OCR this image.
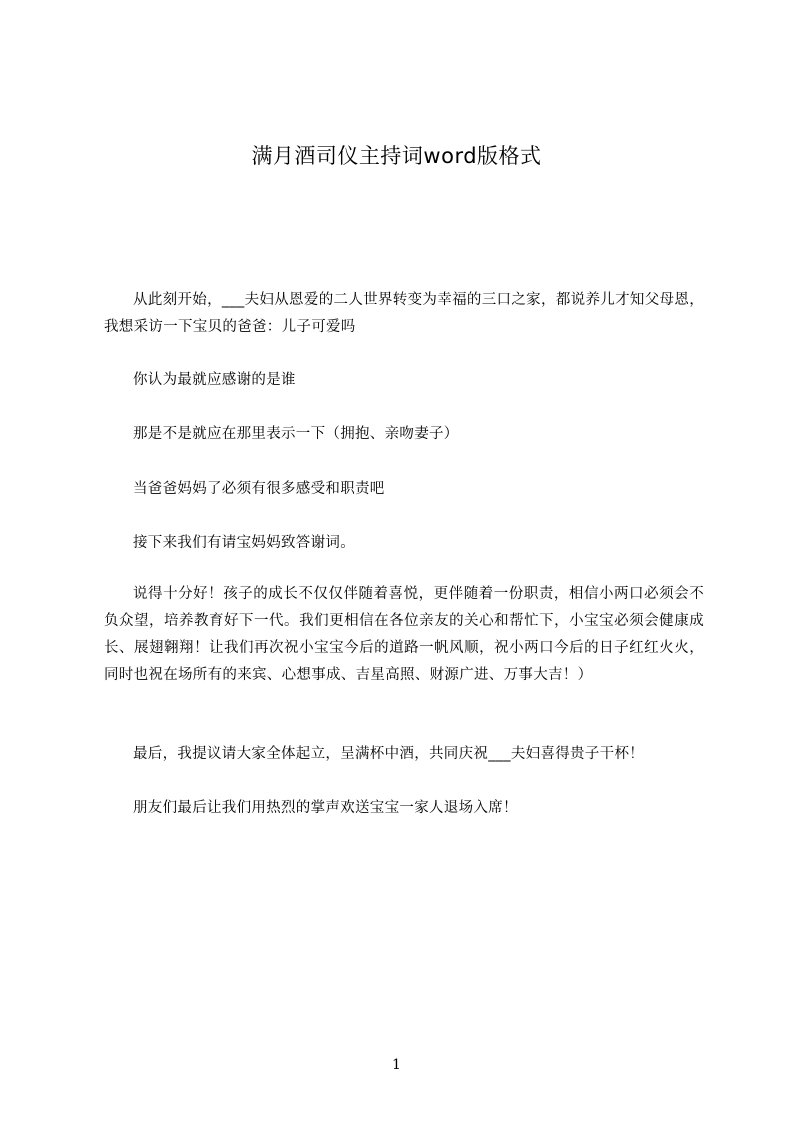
满月酒司仪主持词word版格式

从此刻开始，___夫妇从恩爱的二人世界转变为幸福的三口之家，都说养儿才知父母恩，我想采访一下宝贝的爸爸：儿子可爱吗

你认为最就应感谢的是谁

那是不是就应在那里表示一下（拥抱、亲吻妻子）

当爸爸妈妈了必须有很多感受和职责吧

接下来我们有请宝妈妈致答谢词。

说得十分好！孩子的成长不仅仅伴随着喜悦，更伴随着一份职责，相信小两口必须会不负众望，培养教育好下一代。我们更相信在各位亲友的关心和帮忙下，小宝宝必须会健康成长、展翅翱翔！让我们再次祝小宝宝今后的道路一帆风顺，祝小两口今后的日子红红火火，同时也祝在场所有的来宾、心想事成、吉星高照、财源广进、万事大吉！）

最后，我提议请大家全体起立，呈满杯中酒，共同庆祝___夫妇喜得贵子干杯！

朋友们最后让我们用热烈的掌声欢送宝宝一家人退场入席！

1
